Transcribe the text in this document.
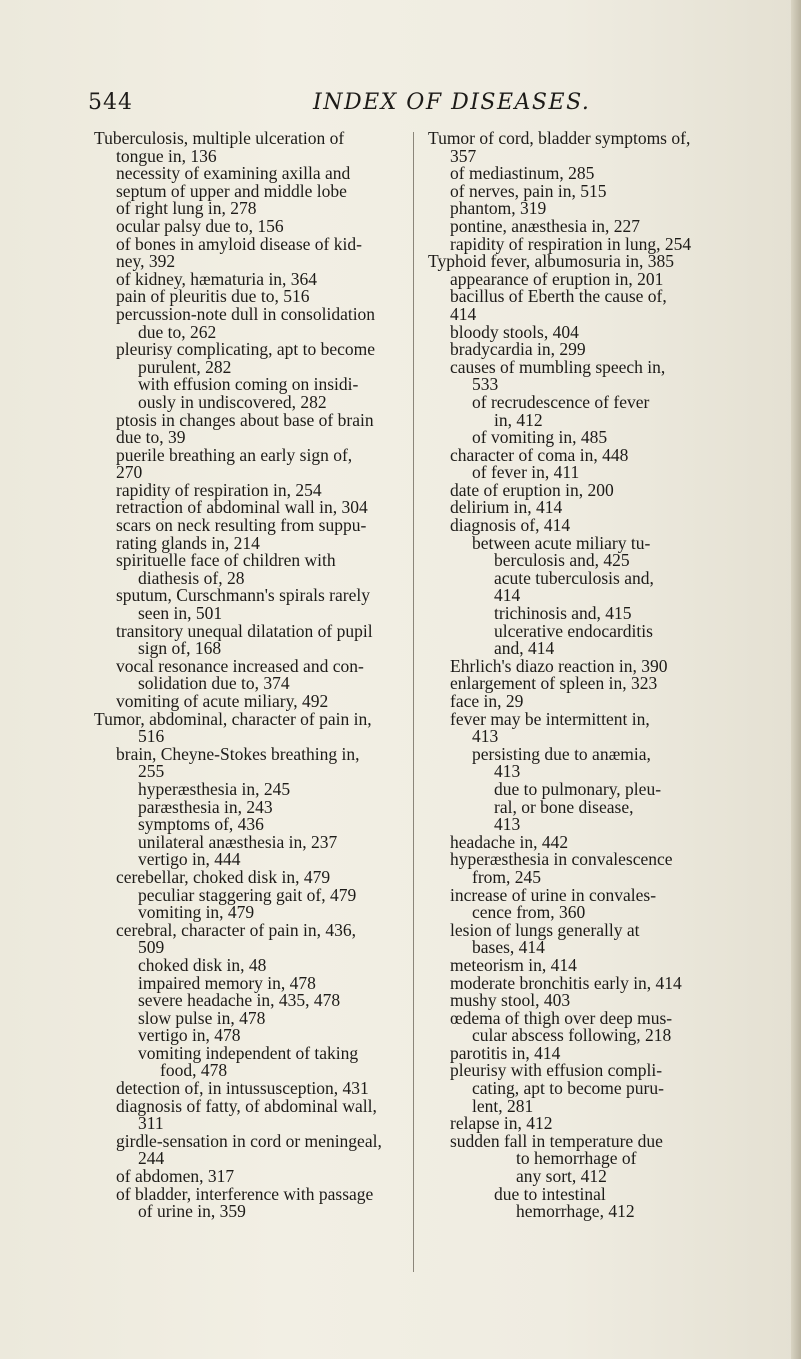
544	INDEX OF DISEASES.
Tuberculosis, multiple ulceration of
tongue in, 136
necessity of examining axilla and
septum of upper and middle lobe
of right lung in, 278
ocular palsy due to, 156
of bones in amyloid disease of kid-
ney, 392
of kidney, hæmaturia in, 364
pain of pleuritis due to, 516
percussion-note dull in consolidation
due to, 262
pleurisy complicating, apt to become
purulent, 282
with effusion coming on insidi-
ously in undiscovered, 282
ptosis in changes about base of brain
due to, 39
puerile breathing an early sign of,
270
rapidity of respiration in, 254
retraction of abdominal wall in, 304
scars on neck resulting from suppu-
rating glands in, 214
spirituelle face of children with
diathesis of, 28
sputum, Curschmann's spirals rarely
seen in, 501
transitory unequal dilatation of pupil
sign of, 168
vocal resonance increased and con-
solidation due to, 374
vomiting of acute miliary, 492
Tumor, abdominal, character of pain in,
516
brain, Cheyne-Stokes breathing in,
255
hyperæsthesia in, 245
paræsthesia in, 243
symptoms of, 436
unilateral anæsthesia in, 237
vertigo in, 444
cerebellar, choked disk in, 479
peculiar staggering gait of, 479
vomiting in, 479
cerebral, character of pain in, 436,
509
choked disk in, 48
impaired memory in, 478
severe headache in, 435, 478
slow pulse in, 478
vertigo in, 478
vomiting independent of taking
food, 478
detection of, in intussusception, 431
diagnosis of fatty, of abdominal wall,
311
girdle-sensation in cord or meningeal,
244
of abdomen, 317
of bladder, interference with passage
of urine in, 359
Tumor of cord, bladder symptoms of,
357
of mediastinum, 285
of nerves, pain in, 515
phantom, 319
pontine, anæsthesia in, 227
rapidity of respiration in lung, 254
Typhoid fever, albumosuria in, 385
appearance of eruption in, 201
bacillus of Eberth the cause of,
414
bloody stools, 404
bradycardia in, 299
causes of mumbling speech in,
533
of recrudescence of fever
in, 412
of vomiting in, 485
character of coma in, 448
of fever in, 411
date of eruption in, 200
delirium in, 414
diagnosis of, 414
between acute miliary tu-
berculosis and, 425
acute tuberculosis and,
414
trichinosis and, 415
ulcerative endocarditis
and, 414
Ehrlich's diazo reaction in, 390
enlargement of spleen in, 323
face in, 29
fever may be intermittent in,
413
persisting due to anæmia,
413
due to pulmonary, pleu-
ral, or bone disease,
413
headache in, 442
hyperæsthesia in convalescence
from, 245
increase of urine in convales-
cence from, 360
lesion of lungs generally at
bases, 414
meteorism in, 414
moderate bronchitis early in, 414
mushy stool, 403
œdema of thigh over deep mus-
cular abscess following, 218
parotitis in, 414
pleurisy with effusion compli-
cating, apt to become puru-
lent, 281
relapse in, 412
sudden fall in temperature due
to hemorrhage of
any sort, 412
due to intestinal
hemorrhage, 412
